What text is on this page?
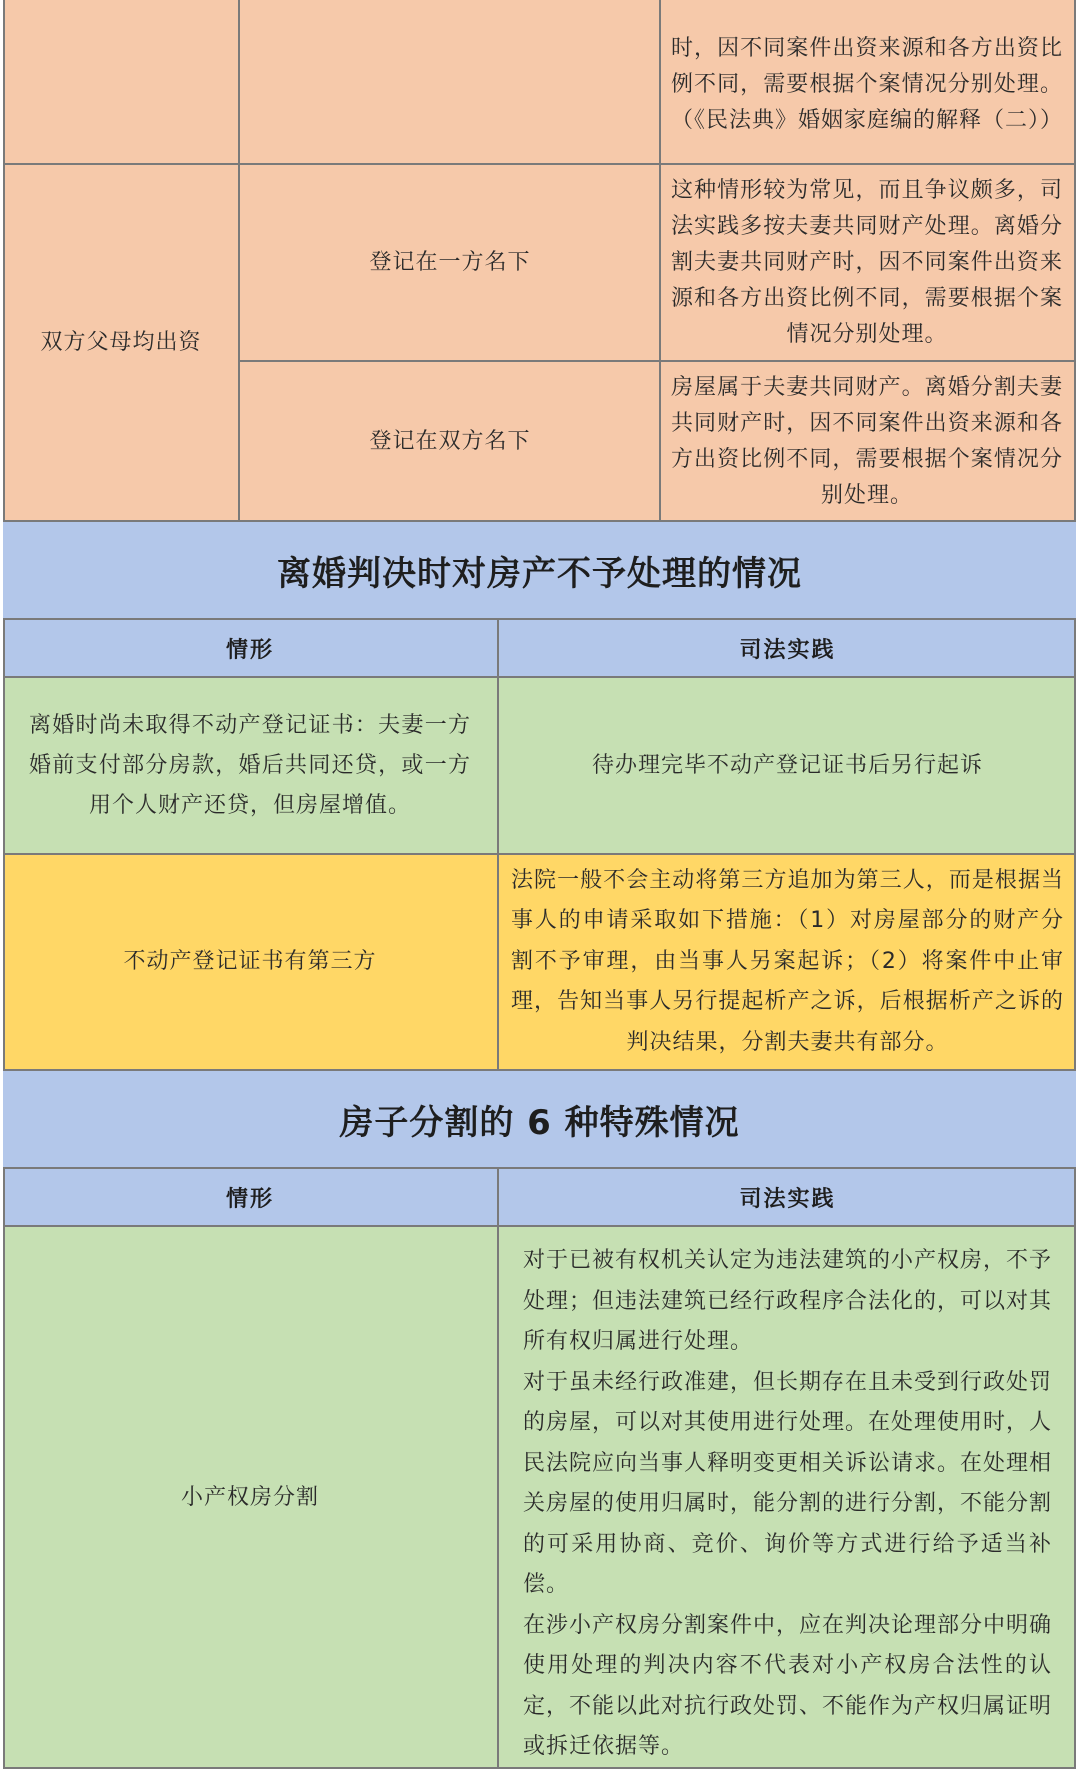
时，因不同案件出资来源和各方出资比例不同，需要根据个案情况分别处理。（《民法典》婚姻家庭编的解释（二））

双方父母均出资
登记在一方名下

这种情形较为常见，而且争议颇多，司法实践多按夫妻共同财产处理。离婚分割夫妻共同财产时，因不同案件出资来源和各方出资比例不同，需要根据个案情况分别处理。

登记在双方名下

房屋属于夫妻共同财产。离婚分割夫妻共同财产时，因不同案件出资来源和各方出资比例不同，需要根据个案情况分别处理。

离婚判决时对房产不予处理的情况
情形	司法实践

离婚时尚未取得不动产登记证书：夫妻一方婚前支付部分房款，婚后共同还贷，或一方用个人财产还贷，但房屋增值。

待办理完毕不动产登记证书后另行起诉
不动产登记证书有第三方

法院一般不会主动将第三方追加为第三人，而是根据当事人的申请采取如下措施：（1）对房屋部分的财产分割不予审理，由当事人另案起诉；（2）将案件中止审理，告知当事人另行提起析产之诉，后根据析产之诉的判决结果，分割夫妻共有部分。

房子分割的 6 种特殊情况
情形	司法实践
小产权房分割

对于已被有权机关认定为违法建筑的小产权房，不予处理；但违法建筑已经行政程序合法化的，可以对其所有权归属进行处理。

对于虽未经行政准建，但长期存在且未受到行政处罚的房屋，可以对其使用进行处理。在处理使用时，人民法院应向当事人释明变更相关诉讼请求。在处理相关房屋的使用归属时，能分割的进行分割，不能分割的可采用协商、竞价、询价等方式进行给予适当补偿。

在涉小产权房分割案件中，应在判决论理部分中明确使用处理的判决内容不代表对小产权房合法性的认定，不能以此对抗行政处罚、不能作为产权归属证明或拆迁依据等。
